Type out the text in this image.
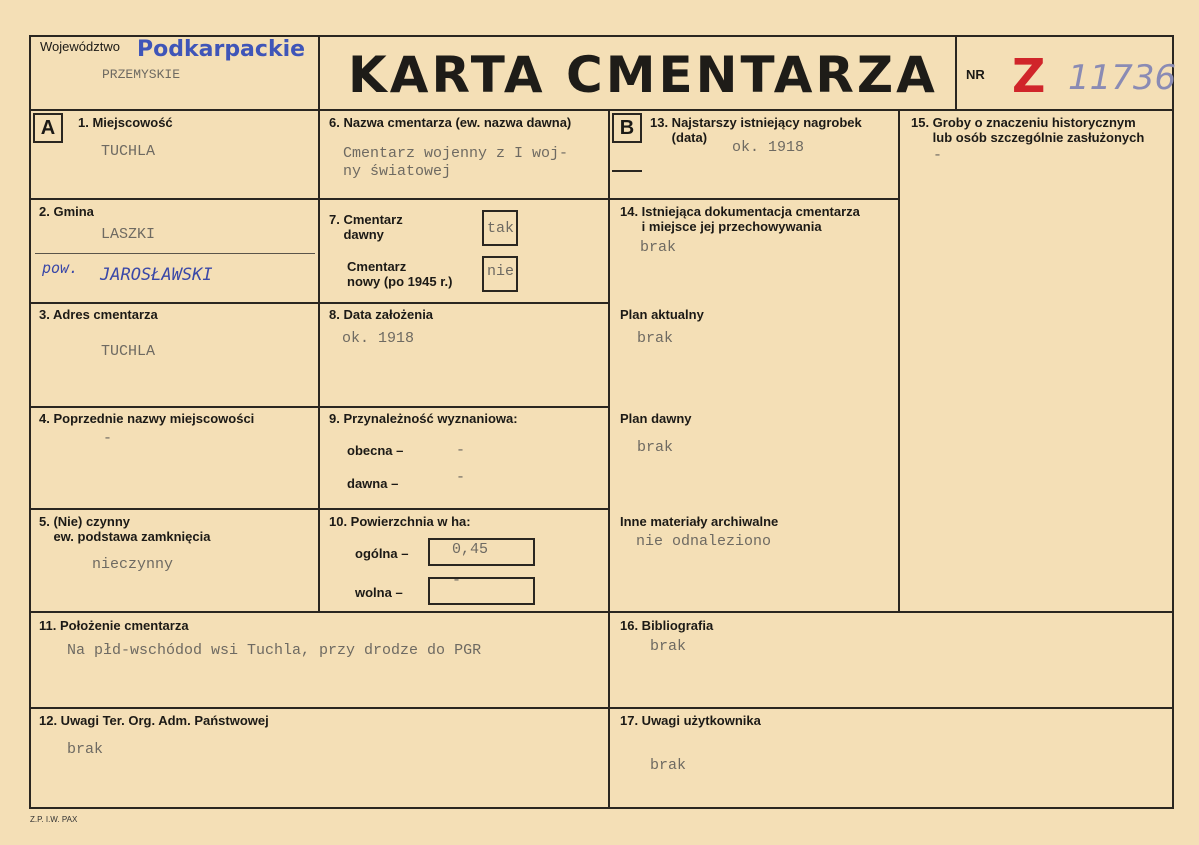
Województwo Podkarpackie
PRZEMYSKIE	KARTA CMENTARZA NR Z 11736
A	B
1. Miejscowość
TUCHLA
2. Gmina
LASZKI
pow. JAROSŁAWSKI
3. Adres cmentarza
TUCHLA
4. Poprzednie nazwy miejscowości
-
5. (Nie) czynny
ew. podstawa zamknięcia
nieczynny
6. Nazwa cmentarza (ew. nazwa dawna)
Cmentarz wojenny z I woj-
ny światowej
7. Cmentarz
dawny	tak
Cmentarz
nowy (po 1945 r.)
nie
8. Data założenia
ok. 1918
9. Przynależność wyznaniowa:
obecna –	-
dawna –	-
10. Powierzchnia w ha:
ogólna –	0,45
wolna –
-
13. Najstarszy istniejący nagrobek
(data)
ok. 1918
14. Istniejąca dokumentacja cmentarza
i miejsce jej przechowywania
brak
Plan aktualny
brak
Plan dawny
brak
Inne materiały archiwalne
nie odnaleziono
15. Groby o znaczeniu historycznym
lub osób szczególnie zasłużonych
-
11. Położenie cmentarza
Na płd-wschódod wsi Tuchla, przy drodze do PGR
16. Bibliografia
brak
12. Uwagi Ter. Org. Adm. Państwowej
brak
17. Uwagi użytkownika
brak
Z.P. I.W. PAX
